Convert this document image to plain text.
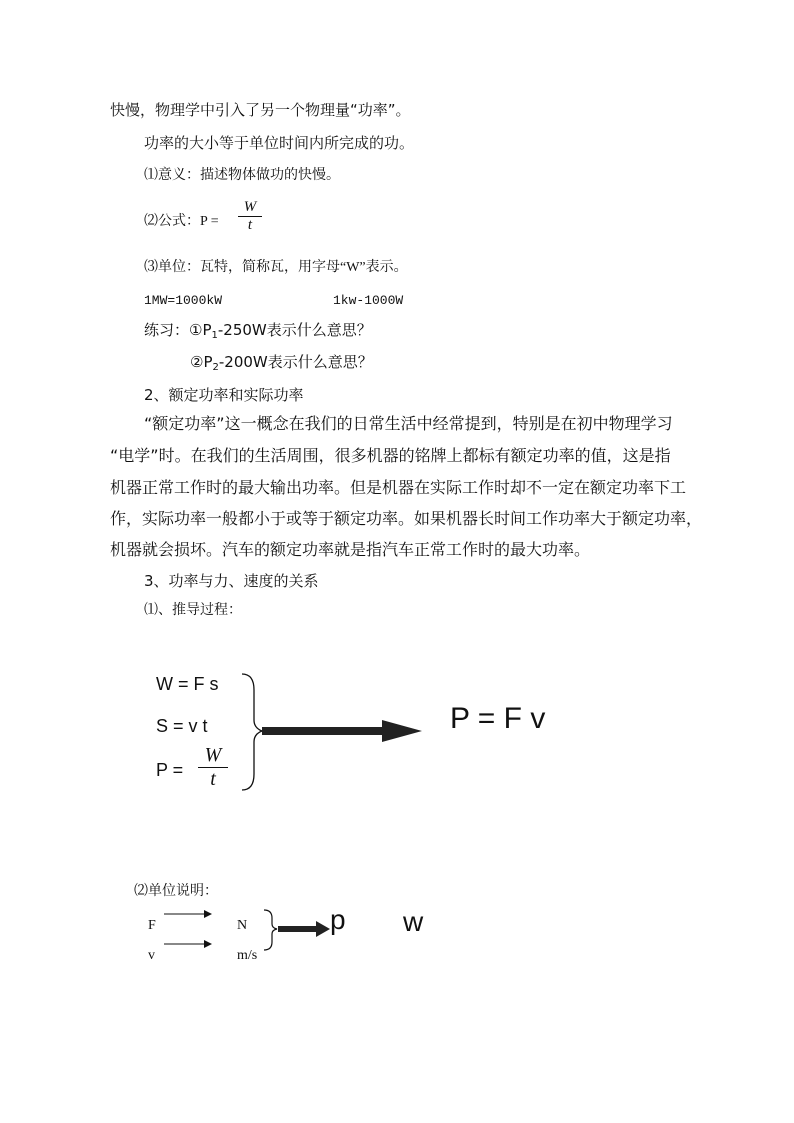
快慢，物理学中引入了另一个物理量“功率”。
功率的大小等于单位时间内所完成的功。
⑴意义：描述物体做功的快慢。
⑵公式：P =
W
t
⑶单位：瓦特，简称瓦，用字母“W”表示。
1MW=1000kW	1kw-1000W
练习：$①P_1-250W$表示什么意思？
$②P_2-200W$表示什么意思？
2、额定功率和实际功率
“额定功率”这一概念在我们的日常生活中经常提到，特别是在初中物理学习
“电学”时。在我们的生活周围，很多机器的铭牌上都标有额定功率的值，这是指
机器正常工作时的最大输出功率。但是机器在实际工作时却不一定在额定功率下工
作，实际功率一般都小于或等于额定功率。如果机器长时间工作功率大于额定功率，
机器就会损坏。汽车的额定功率就是指汽车正常工作时的最大功率。
3、功率与力、速度的关系
⑴、推导过程：
W = F s
S = v t
P =
W
t
P = F v
⑵单位说明：
F
v
N
m/s
p w
